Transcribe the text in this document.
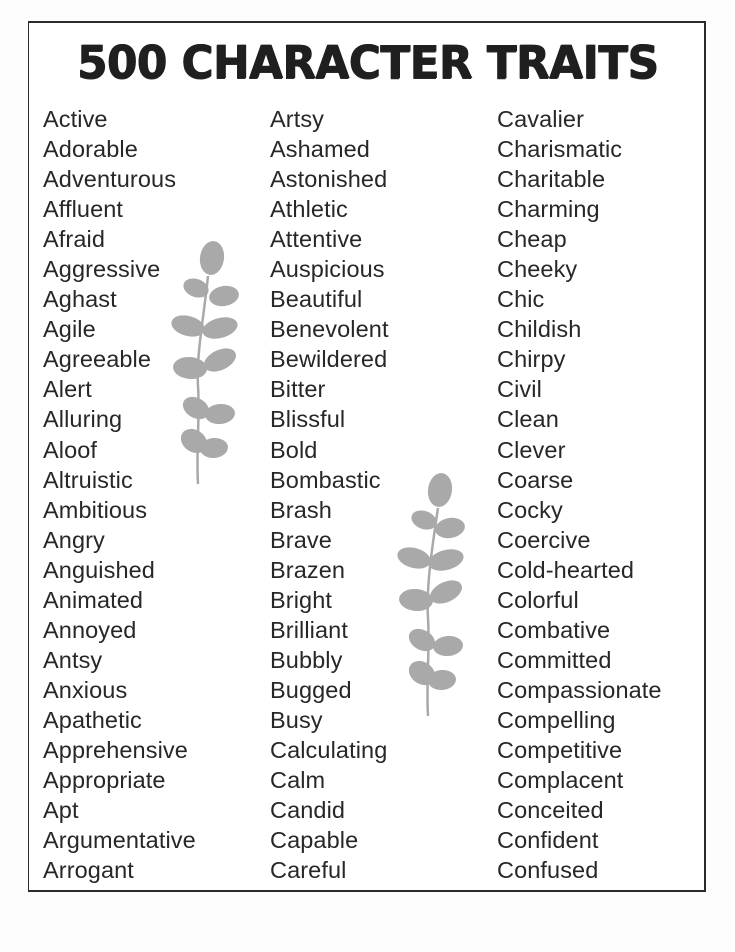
500 CHARACTER TRAITS
Active
Adorable
Adventurous
Affluent
Afraid
Aggressive
Aghast
Agile
Agreeable
Alert
Alluring
Aloof
Altruistic
Ambitious
Angry
Anguished
Animated
Annoyed
Antsy
Anxious
Apathetic
Apprehensive
Appropriate
Apt
Argumentative
Arrogant
Artsy
Ashamed
Astonished
Athletic
Attentive
Auspicious
Beautiful
Benevolent
Bewildered
Bitter
Blissful
Bold
Bombastic
Brash
Brave
Brazen
Bright
Brilliant
Bubbly
Bugged
Busy
Calculating
Calm
Candid
Capable
Careful
Cavalier
Charismatic
Charitable
Charming
Cheap
Cheeky
Chic
Childish
Chirpy
Civil
Clean
Clever
Coarse
Cocky
Coercive
Cold-hearted
Colorful
Combative
Committed
Compassionate
Compelling
Competitive
Complacent
Conceited
Confident
Confused
